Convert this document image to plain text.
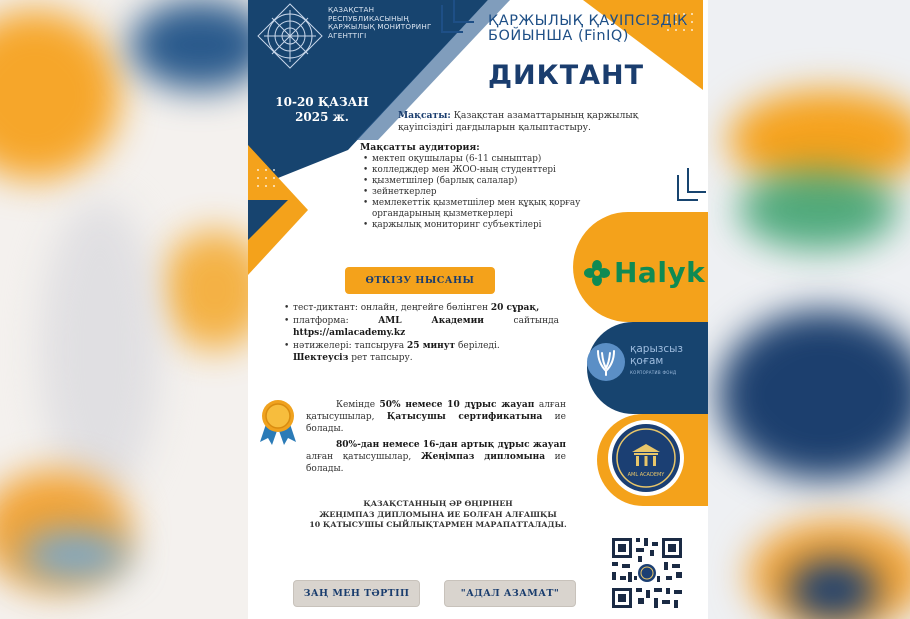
ҚАЗАҚСТАН РЕСПУБЛИКАСЫНЫҢ ҚАРЖЫЛЫҚ МОНИТОРИНГ АГЕНТТІГІ
10-20 ҚАЗАН
2025 ж.
ҚАРЖЫЛЫҚ ҚАУІПСІЗДІК БОЙЫНША (FinIQ)
ДИКТАНТ
Мақсаты: Қазақстан азаматтарының қаржылық қауіпсіздігі дағдыларын қалыптастыру.
Мақсатты аудитория:
• мектеп оқушылары (6-11 сыныптар)
• колледждер мен ЖОО-ның студенттері
• қызметшілер (барлық салалар)
• зейнеткерлер
• мемлекеттік қызметшілер мен құқық қорғау органдарының қызметкерлері
• қаржылық мониторинг субъектілері
ӨТКІЗУ НЫСАНЫ
• тест-диктант: онлайн, деңгейге бөлінген 20 сұрақ,
• платформа: AML Академии сайтында https://amlacademy.kz
• нәтижелері: тапсыруға 25 минут беріледі.
Шектеусіз рет тапсыру.

Кемінде 50% немесе 10 дұрыс жауап алған қатысушылар, Қатысушы сертификатына ие болады.

80%-дан немесе 16-дан артық дұрыс жауап алған қатысушылар, Жеңімпаз дипломына ие болады.

ҚАЗАҚСТАННЫҢ ӘР ӨҢІРІНЕН
ЖЕҢІМПАЗ ДИПЛОМЫНА ИЕ БОЛҒАН АЛҒАШҚЫ
10 ҚАТЫСУШЫ СЫЙЛЫҚТАРМЕН МАРАПАТТАЛАДЫ.
ЗАҢ МЕН ТӘРТІП	"АДАЛ АЗАМАТ"
Halyk
қарызсыз қоғам
КОРПОРАТИВ ФОНД
AML ACADEMY
